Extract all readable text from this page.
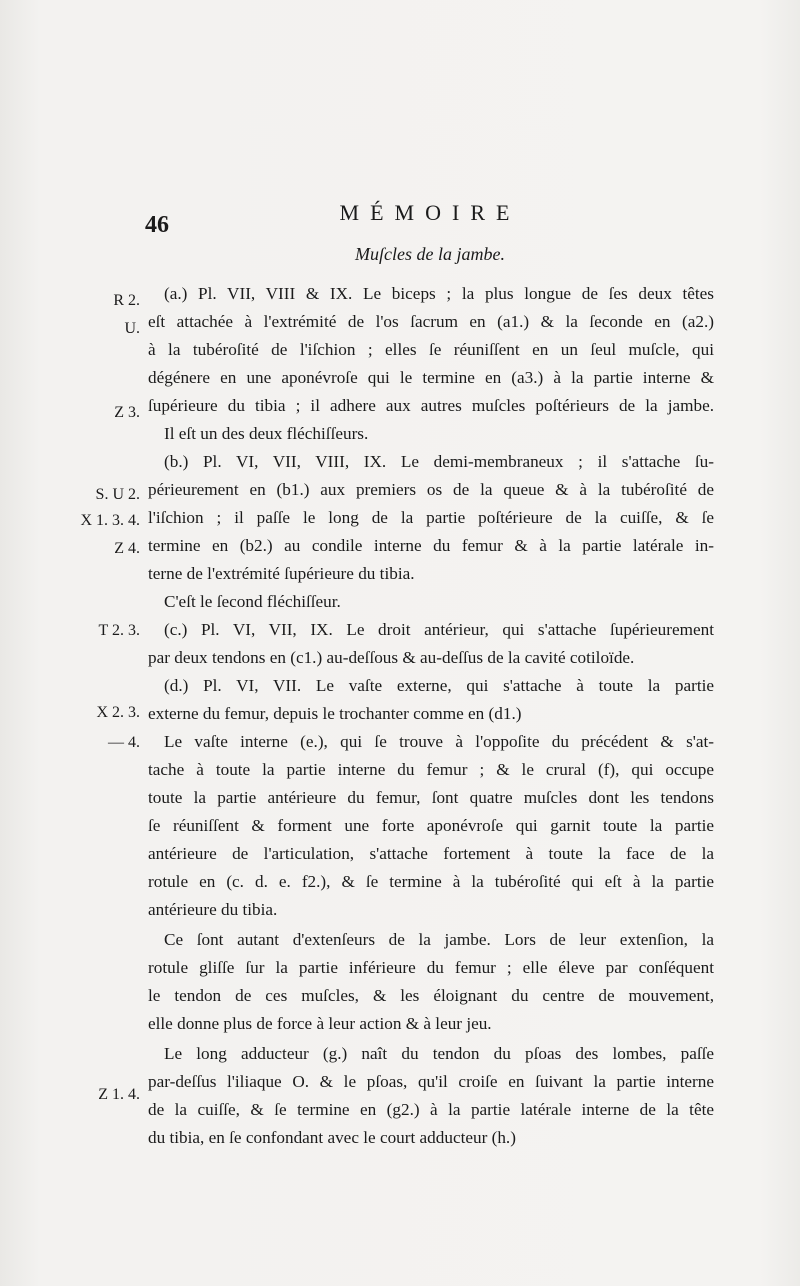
46	MÉMOIRE
Muſcles de la jambe.
R 2.
U.
Z 3.
S. U 2.
X 1. 3. 4.
Z 4.
T 2. 3.
X 2. 3.
— 4.
Z 1. 4.
(a.) Pl. VII, VIII & IX. Le biceps ; la plus longue de ſes deux têtes
eſt attachée à l'extrémité de l'os ſacrum en (a1.) & la ſeconde en (a2.)
à la tubéroſité de l'iſchion ; elles ſe réuniſſent en un ſeul muſcle, qui
dégénere en une aponévroſe qui le termine en (a3.) à la partie interne &
ſupérieure du tibia ; il adhere aux autres muſcles poſtérieurs de la jambe.
Il eſt un des deux fléchiſſeurs.
(b.) Pl. VI, VII, VIII, IX. Le demi-membraneux ; il s'attache ſu-
périeurement en (b1.) aux premiers os de la queue & à la tubéroſité de
l'iſchion ; il paſſe le long de la partie poſtérieure de la cuiſſe, & ſe
termine en (b2.) au condile interne du femur & à la partie latérale in-
terne de l'extrémité ſupérieure du tibia.
C'eſt le ſecond fléchiſſeur.
(c.) Pl. VI, VII, IX. Le droit antérieur, qui s'attache ſupérieurement
par deux tendons en (c1.) au-deſſous & au-deſſus de la cavité cotiloïde.
(d.) Pl. VI, VII. Le vaſte externe, qui s'attache à toute la partie
externe du femur, depuis le trochanter comme en (d1.)
Le vaſte interne (e.), qui ſe trouve à l'oppoſite du précédent & s'at-
tache à toute la partie interne du femur ; & le crural (f), qui occupe
toute la partie antérieure du femur, ſont quatre muſcles dont les tendons
ſe réuniſſent & forment une forte aponévroſe qui garnit toute la partie
antérieure de l'articulation, s'attache fortement à toute la face de la
rotule en (c. d. e. f2.), & ſe termine à la tubéroſité qui eſt à la partie
antérieure du tibia.
Ce ſont autant d'extenſeurs de la jambe. Lors de leur extenſion, la
rotule gliſſe ſur la partie inférieure du femur ; elle éleve par conſéquent
le tendon de ces muſcles, & les éloignant du centre de mouvement,
elle donne plus de force à leur action & à leur jeu.
Le long adducteur (g.) naît du tendon du pſoas des lombes, paſſe
par-deſſus l'iliaque O. & le pſoas, qu'il croiſe en ſuivant la partie interne
de la cuiſſe, & ſe termine en (g2.) à la partie latérale interne de la tête
du tibia, en ſe confondant avec le court adducteur (h.)
